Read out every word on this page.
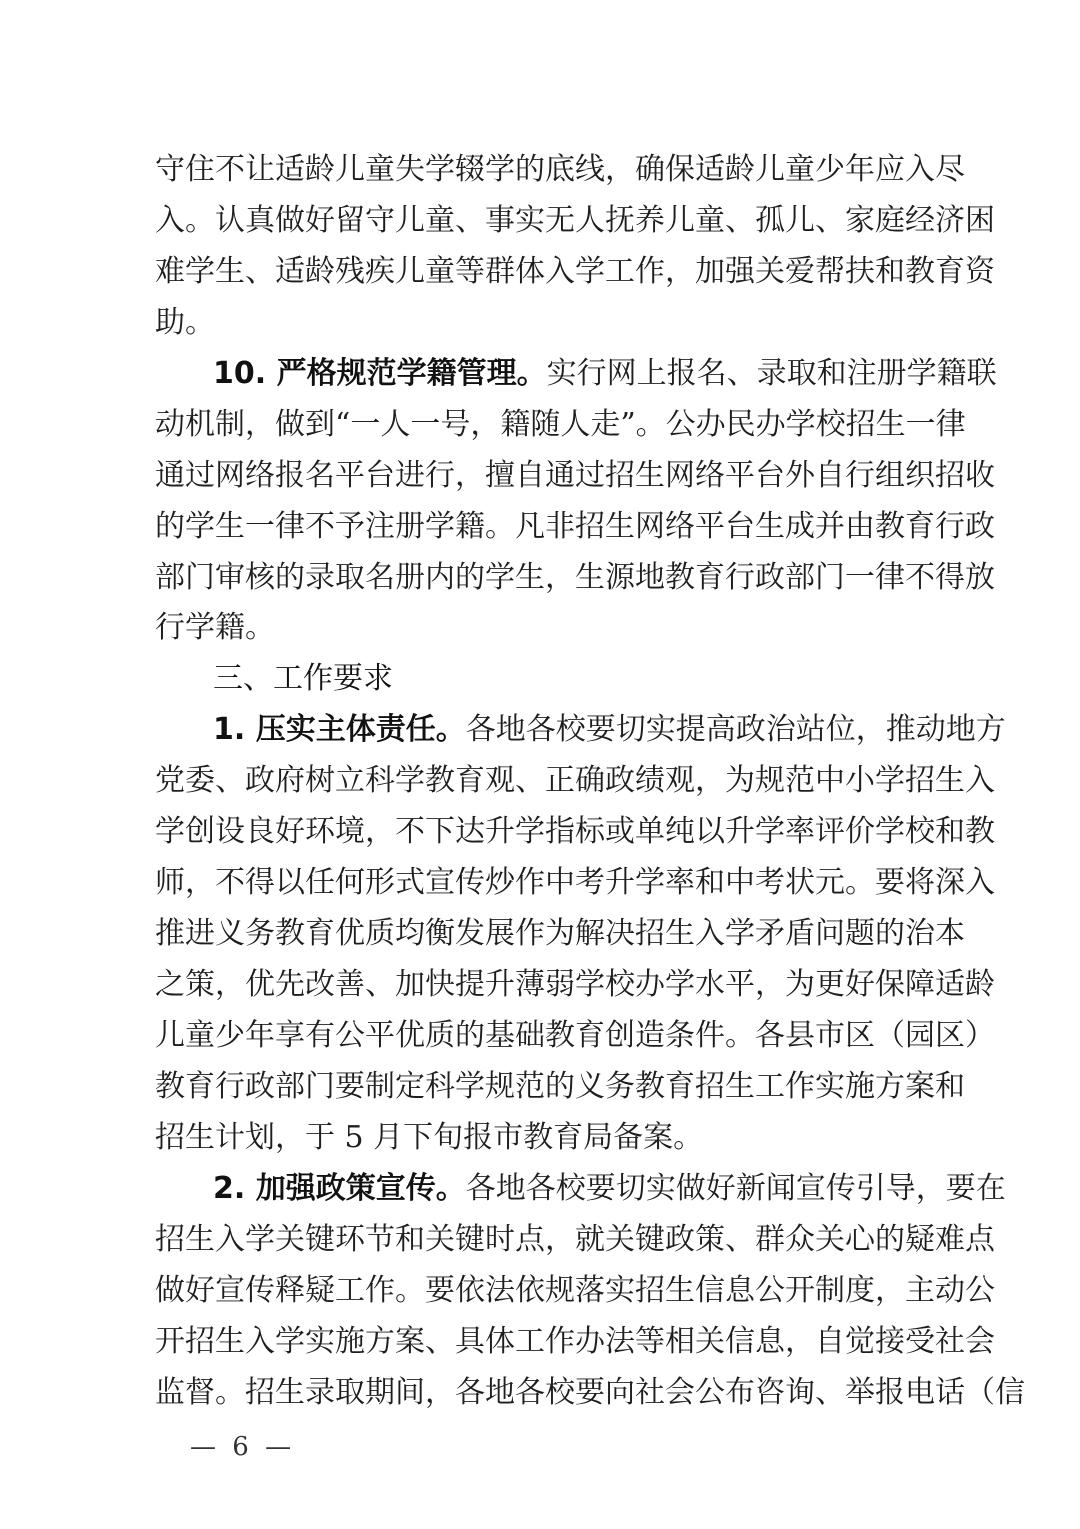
守住不让适龄儿童失学辍学的底线，确保适龄儿童少年应入尽
入。认真做好留守儿童、事实无人抚养儿童、孤儿、家庭经济困
难学生、适龄残疾儿童等群体入学工作，加强关爱帮扶和教育资
助。
10. 严格规范学籍管理。实行网上报名、录取和注册学籍联
动机制，做到“一人一号，籍随人走”。公办民办学校招生一律
通过网络报名平台进行，擅自通过招生网络平台外自行组织招收
的学生一律不予注册学籍。凡非招生网络平台生成并由教育行政
部门审核的录取名册内的学生，生源地教育行政部门一律不得放
行学籍。
三、工作要求
1. 压实主体责任。各地各校要切实提高政治站位，推动地方
党委、政府树立科学教育观、正确政绩观，为规范中小学招生入
学创设良好环境，不下达升学指标或单纯以升学率评价学校和教
师，不得以任何形式宣传炒作中考升学率和中考状元。要将深入
推进义务教育优质均衡发展作为解决招生入学矛盾问题的治本
之策，优先改善、加快提升薄弱学校办学水平，为更好保障适龄
儿童少年享有公平优质的基础教育创造条件。各县市区（园区）
教育行政部门要制定科学规范的义务教育招生工作实施方案和
招生计划，于 5 月下旬报市教育局备案。
2. 加强政策宣传。各地各校要切实做好新闻宣传引导，要在
招生入学关键环节和关键时点，就关键政策、群众关心的疑难点
做好宣传释疑工作。要依法依规落实招生信息公开制度，主动公
开招生入学实施方案、具体工作办法等相关信息，自觉接受社会
监督。招生录取期间，各地各校要向社会公布咨询、举报电话（信
— 6 —
